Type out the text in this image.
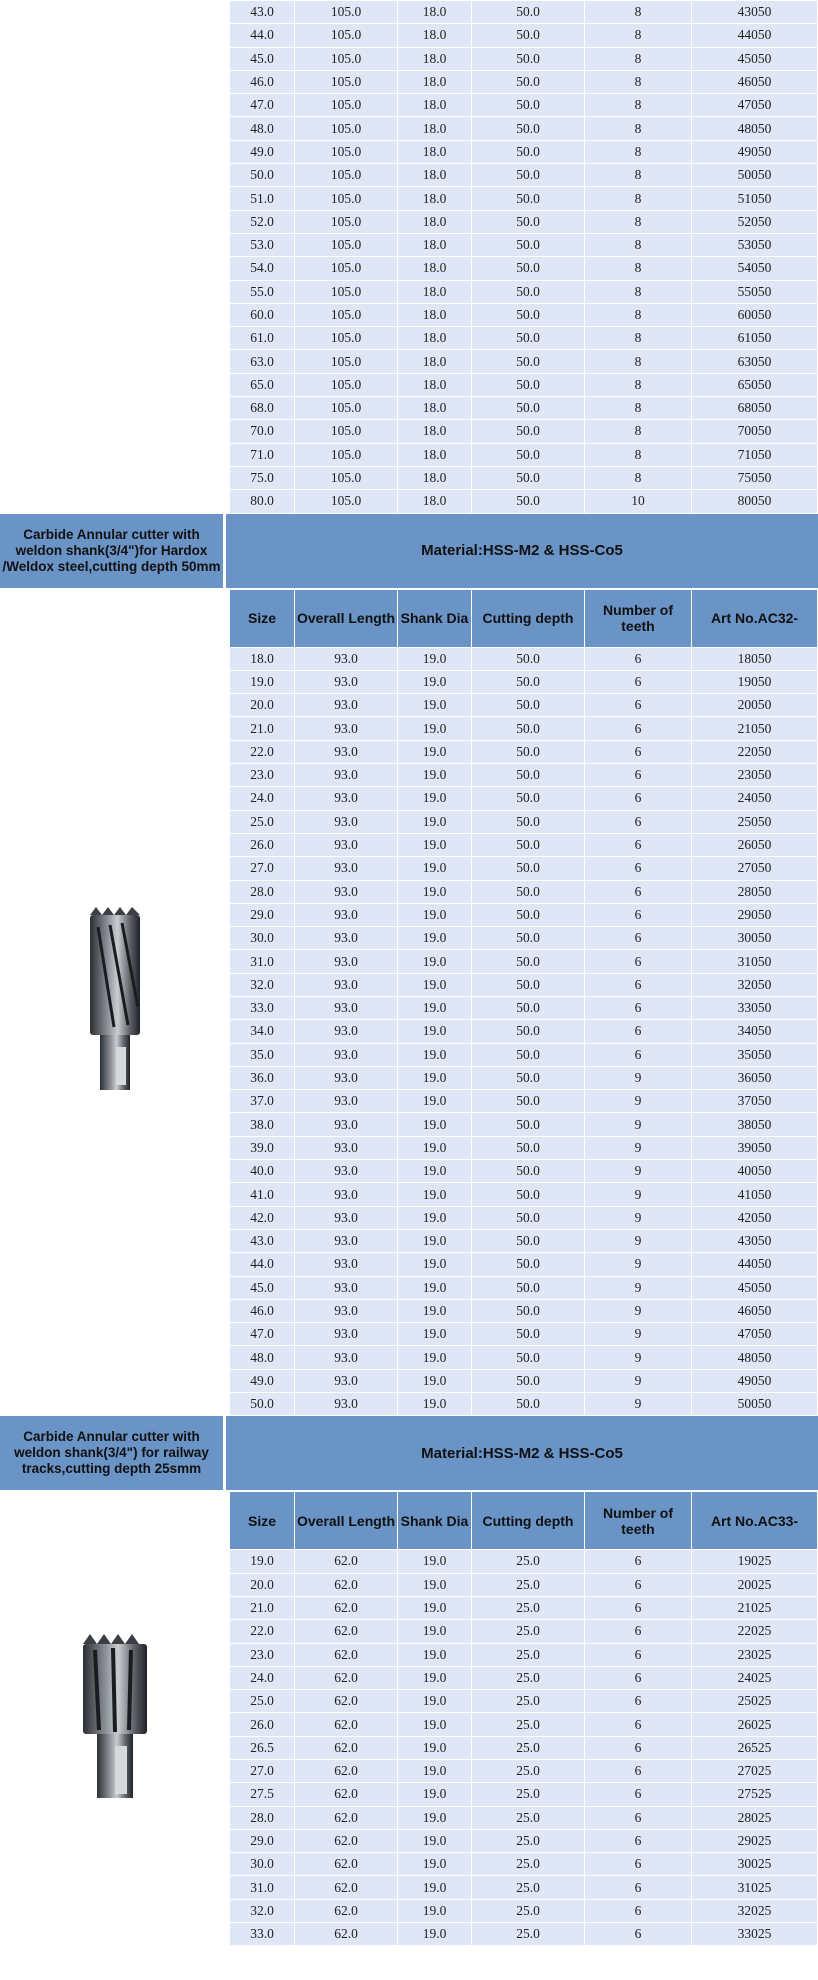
43.0	105.0	18.0	50.0	8	43050
44.0	105.0	18.0	50.0	8	44050
45.0	105.0	18.0	50.0	8	45050
46.0	105.0	18.0	50.0	8	46050
47.0	105.0	18.0	50.0	8	47050
48.0	105.0	18.0	50.0	8	48050
49.0	105.0	18.0	50.0	8	49050
50.0	105.0	18.0	50.0	8	50050
51.0	105.0	18.0	50.0	8	51050
52.0	105.0	18.0	50.0	8	52050
53.0	105.0	18.0	50.0	8	53050
54.0	105.0	18.0	50.0	8	54050
55.0	105.0	18.0	50.0	8	55050
60.0	105.0	18.0	50.0	8	60050
61.0	105.0	18.0	50.0	8	61050
63.0	105.0	18.0	50.0	8	63050
65.0	105.0	18.0	50.0	8	65050
68.0	105.0	18.0	50.0	8	68050
70.0	105.0	18.0	50.0	8	70050
71.0	105.0	18.0	50.0	8	71050
75.0	105.0	18.0	50.0	8	75050
80.0	105.0	18.0	50.0	10	80050
Carbide Annular cutter with weldon shank(3/4")for Hardox /Weldox steel,cutting depth 50mm
Material:HSS-M2 & HSS-Co5
Size	Overall Length	Shank Dia	Cutting depth	Number of teeth	Art No.AC32-
18.0	93.0	19.0	50.0	6	18050
19.0	93.0	19.0	50.0	6	19050
20.0	93.0	19.0	50.0	6	20050
21.0	93.0	19.0	50.0	6	21050
22.0	93.0	19.0	50.0	6	22050
23.0	93.0	19.0	50.0	6	23050
24.0	93.0	19.0	50.0	6	24050
25.0	93.0	19.0	50.0	6	25050
26.0	93.0	19.0	50.0	6	26050
27.0	93.0	19.0	50.0	6	27050
28.0	93.0	19.0	50.0	6	28050
29.0	93.0	19.0	50.0	6	29050
30.0	93.0	19.0	50.0	6	30050
31.0	93.0	19.0	50.0	6	31050
32.0	93.0	19.0	50.0	6	32050
33.0	93.0	19.0	50.0	6	33050
34.0	93.0	19.0	50.0	6	34050
35.0	93.0	19.0	50.0	6	35050
36.0	93.0	19.0	50.0	9	36050
37.0	93.0	19.0	50.0	9	37050
38.0	93.0	19.0	50.0	9	38050
39.0	93.0	19.0	50.0	9	39050
40.0	93.0	19.0	50.0	9	40050
41.0	93.0	19.0	50.0	9	41050
42.0	93.0	19.0	50.0	9	42050
43.0	93.0	19.0	50.0	9	43050
44.0	93.0	19.0	50.0	9	44050
45.0	93.0	19.0	50.0	9	45050
46.0	93.0	19.0	50.0	9	46050
47.0	93.0	19.0	50.0	9	47050
48.0	93.0	19.0	50.0	9	48050
49.0	93.0	19.0	50.0	9	49050
50.0	93.0	19.0	50.0	9	50050
Carbide Annular cutter with weldon shank(3/4") for railway tracks,cutting depth 25smm
Material:HSS-M2 & HSS-Co5
Size	Overall Length	Shank Dia	Cutting depth	Number of teeth	Art No.AC33-
19.0	62.0	19.0	25.0	6	19025
20.0	62.0	19.0	25.0	6	20025
21.0	62.0	19.0	25.0	6	21025
22.0	62.0	19.0	25.0	6	22025
23.0	62.0	19.0	25.0	6	23025
24.0	62.0	19.0	25.0	6	24025
25.0	62.0	19.0	25.0	6	25025
26.0	62.0	19.0	25.0	6	26025
26.5	62.0	19.0	25.0	6	26525
27.0	62.0	19.0	25.0	6	27025
27.5	62.0	19.0	25.0	6	27525
28.0	62.0	19.0	25.0	6	28025
29.0	62.0	19.0	25.0	6	29025
30.0	62.0	19.0	25.0	6	30025
31.0	62.0	19.0	25.0	6	31025
32.0	62.0	19.0	25.0	6	32025
33.0	62.0	19.0	25.0	6	33025
